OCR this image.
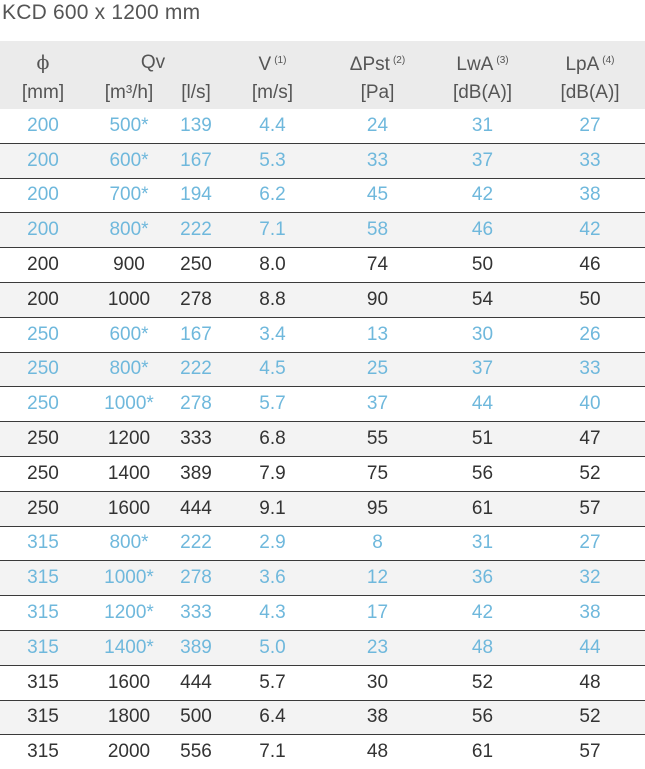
KCD 600 x 1200 mm
ϕ	Qv		V $^{(1)}$	ΔPst $^{(2)}$	LwA $^{(3)}$	LpA $^{(4)}$
[mm]	[m³/h]	[l/s]	[m/s]	[Pa]	[dB(A)]	[dB(A)]
200	500*	139	4.4	24	31	27
200	600*	167	5.3	33	37	33
200	700*	194	6.2	45	42	38
200	800*	222	7.1	58	46	42
200	900	250	8.0	74	50	46
200	1000	278	8.8	90	54	50
250	600*	167	3.4	13	30	26
250	800*	222	4.5	25	37	33
250	1000*	278	5.7	37	44	40
250	1200	333	6.8	55	51	47
250	1400	389	7.9	75	56	52
250	1600	444	9.1	95	61	57
315	800*	222	2.9	8	31	27
315	1000*	278	3.6	12	36	32
315	1200*	333	4.3	17	42	38
315	1400*	389	5.0	23	48	44
315	1600	444	5.7	30	52	48
315	1800	500	6.4	38	56	52
315	2000	556	7.1	48	61	57
